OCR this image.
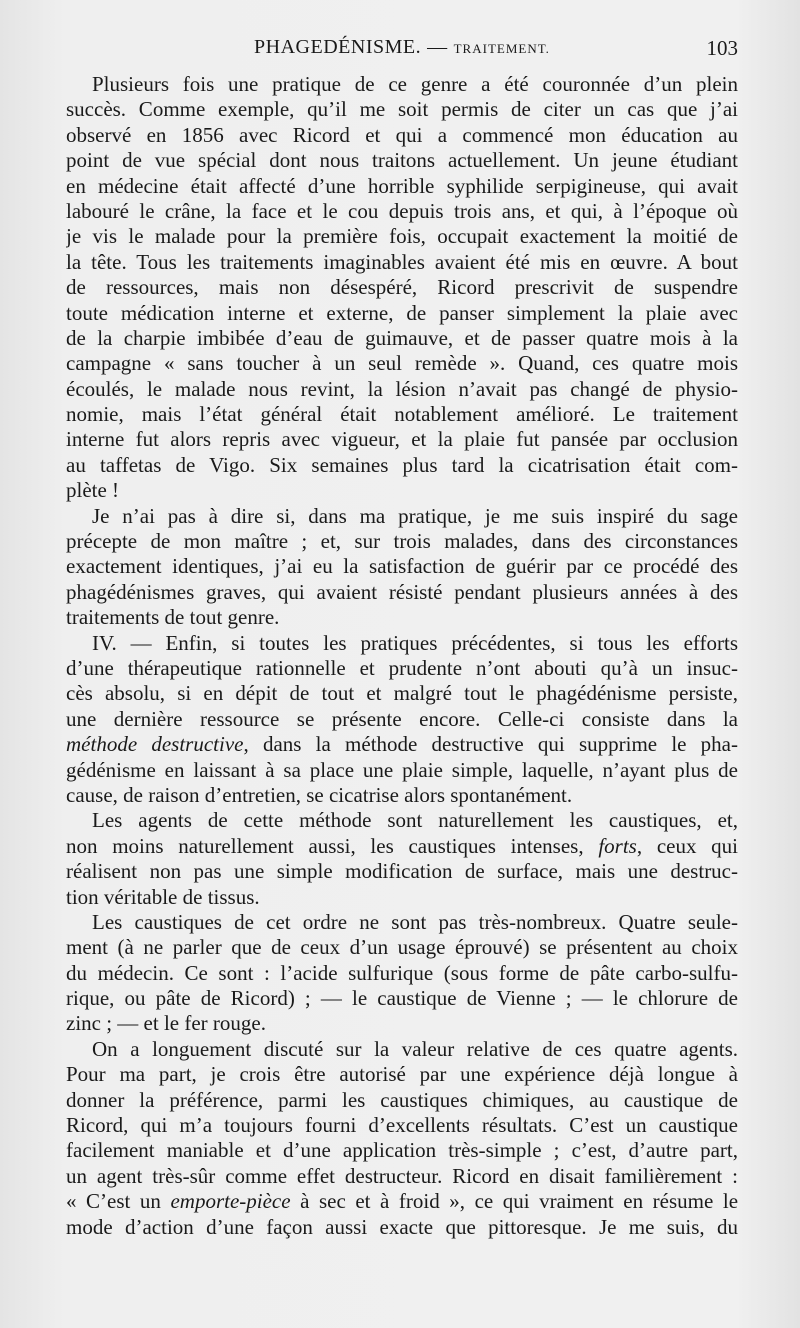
PHAGEDÉNISME. — TRAITEMENT.	103
Plusieurs fois une pratique de ce genre a été couronnée d’un plein
succès. Comme exemple, qu’il me soit permis de citer un cas que j’ai
observé en 1856 avec Ricord et qui a commencé mon éducation au
point de vue spécial dont nous traitons actuellement. Un jeune étudiant
en médecine était affecté d’une horrible syphilide serpigineuse, qui avait
labouré le crâne, la face et le cou depuis trois ans, et qui, à l’époque où
je vis le malade pour la première fois, occupait exactement la moitié de
la tête. Tous les traitements imaginables avaient été mis en œuvre. A bout
de ressources, mais non désespéré, Ricord prescrivit de suspendre
toute médication interne et externe, de panser simplement la plaie avec
de la charpie imbibée d’eau de guimauve, et de passer quatre mois à la
campagne « sans toucher à un seul remède ». Quand, ces quatre mois
écoulés, le malade nous revint, la lésion n’avait pas changé de physio-
nomie, mais l’état général était notablement amélioré. Le traitement
interne fut alors repris avec vigueur, et la plaie fut pansée par occlusion
au taffetas de Vigo. Six semaines plus tard la cicatrisation était com-
plète !
Je n’ai pas à dire si, dans ma pratique, je me suis inspiré du sage
précepte de mon maître ; et, sur trois malades, dans des circonstances
exactement identiques, j’ai eu la satisfaction de guérir par ce procédé des
phagédénismes graves, qui avaient résisté pendant plusieurs années à des
traitements de tout genre.
IV. — Enfin, si toutes les pratiques précédentes, si tous les efforts
d’une thérapeutique rationnelle et prudente n’ont abouti qu’à un insuc-
cès absolu, si en dépit de tout et malgré tout le phagédénisme persiste,
une dernière ressource se présente encore. Celle-ci consiste dans la
méthode destructive, dans la méthode destructive qui supprime le pha-
gédénisme en laissant à sa place une plaie simple, laquelle, n’ayant plus de
cause, de raison d’entretien, se cicatrise alors spontanément.
Les agents de cette méthode sont naturellement les caustiques, et,
non moins naturellement aussi, les caustiques intenses, forts, ceux qui
réalisent non pas une simple modification de surface, mais une destruc-
tion véritable de tissus.
Les caustiques de cet ordre ne sont pas très-nombreux. Quatre seule-
ment (à ne parler que de ceux d’un usage éprouvé) se présentent au choix
du médecin. Ce sont : l’acide sulfurique (sous forme de pâte carbo-sulfu-
rique, ou pâte de Ricord) ; — le caustique de Vienne ; — le chlorure de
zinc ; — et le fer rouge.
On a longuement discuté sur la valeur relative de ces quatre agents.
Pour ma part, je crois être autorisé par une expérience déjà longue à
donner la préférence, parmi les caustiques chimiques, au caustique de
Ricord, qui m’a toujours fourni d’excellents résultats. C’est un caustique
facilement maniable et d’une application très-simple ; c’est, d’autre part,
un agent très-sûr comme effet destructeur. Ricord en disait familièrement :
« C’est un emporte-pièce à sec et à froid », ce qui vraiment en résume le
mode d’action d’une façon aussi exacte que pittoresque. Je me suis, du
